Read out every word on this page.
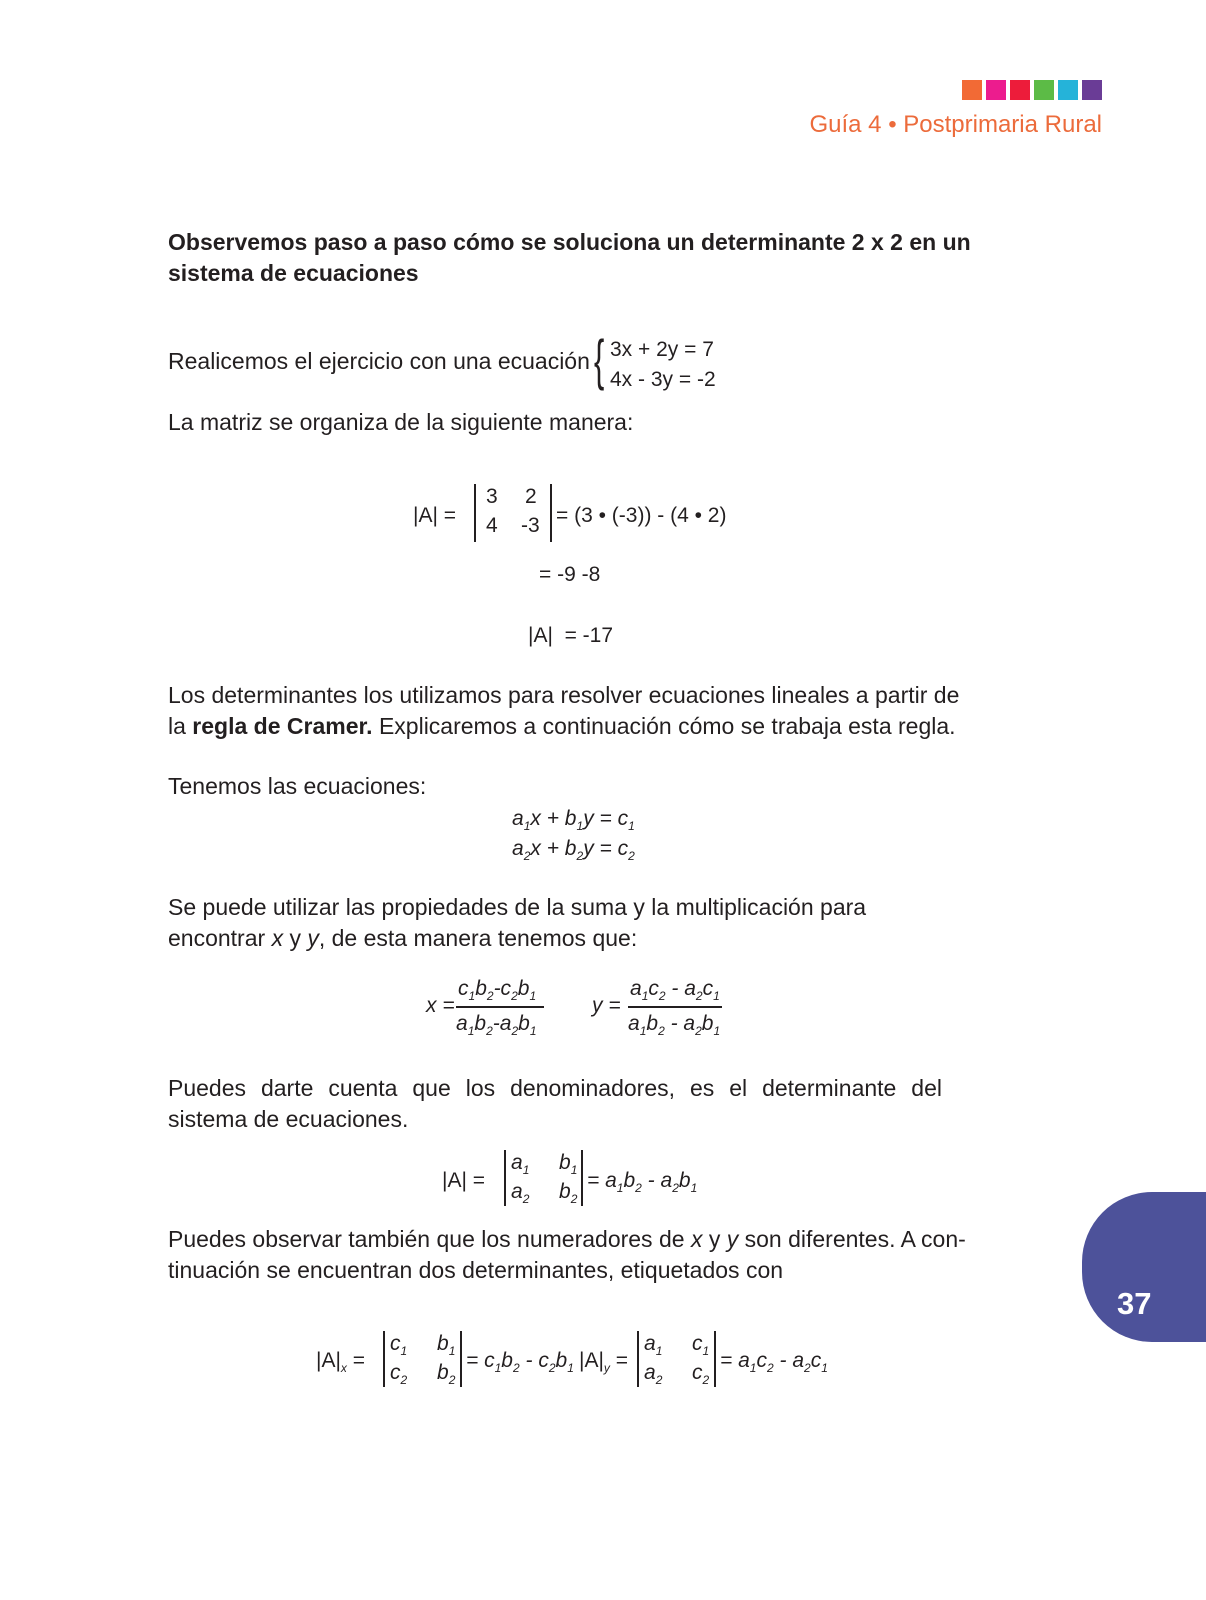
Guía 4 • Postprimaria Rural
Observemos paso a paso cómo se soluciona un determinante 2 x 2 en un
sistema de ecuaciones
Realicemos el ejercicio con una ecuación { 3x + 2y = 7
4x - 3y = -2
La matriz se organiza de la siguiente manera:
|A| =
3 2
4 -3 = (3 • (-3)) - (4 • 2)
= -9 -8
|A|  = -17
Los determinantes los utilizamos para resolver ecuaciones lineales a partir de
la regla de Cramer. Explicaremos a continuación cómo se trabaja esta regla.
Tenemos las ecuaciones:
$a_1x + b_1y = c_1$
$a_2x + b_2y = c_2$
Se puede utilizar las propiedades de la suma y la multiplicación para
encontrar x y y, de esta manera tenemos que:
x =
$c_1b_2-c_2b_1$
$a_1b_2-a_2b_1$
y =
$a_1c_2 - a_2c_1$
$a_1b_2 - a_2b_1$
Puedes darte cuenta que los denominadores, es el determinante del
sistema de ecuaciones.
|A| =
$a_1$ $b_1$
$a_2$ $b_2$
= $a_1b_2 - a_2b_1$
Puedes observar también que los numeradores de x y y son diferentes. A con-
tinuación se encuentran dos determinantes, etiquetados con
$|A|_x$ =
$c_1$ $b_1$
$c_2$ $b_2$
= $c_1b_2 - c_2b_1$ $|A|_y$ =
$a_1$ $c_1$
$a_2$ $c_2$
= $a_1c_2 - a_2c_1$
37
